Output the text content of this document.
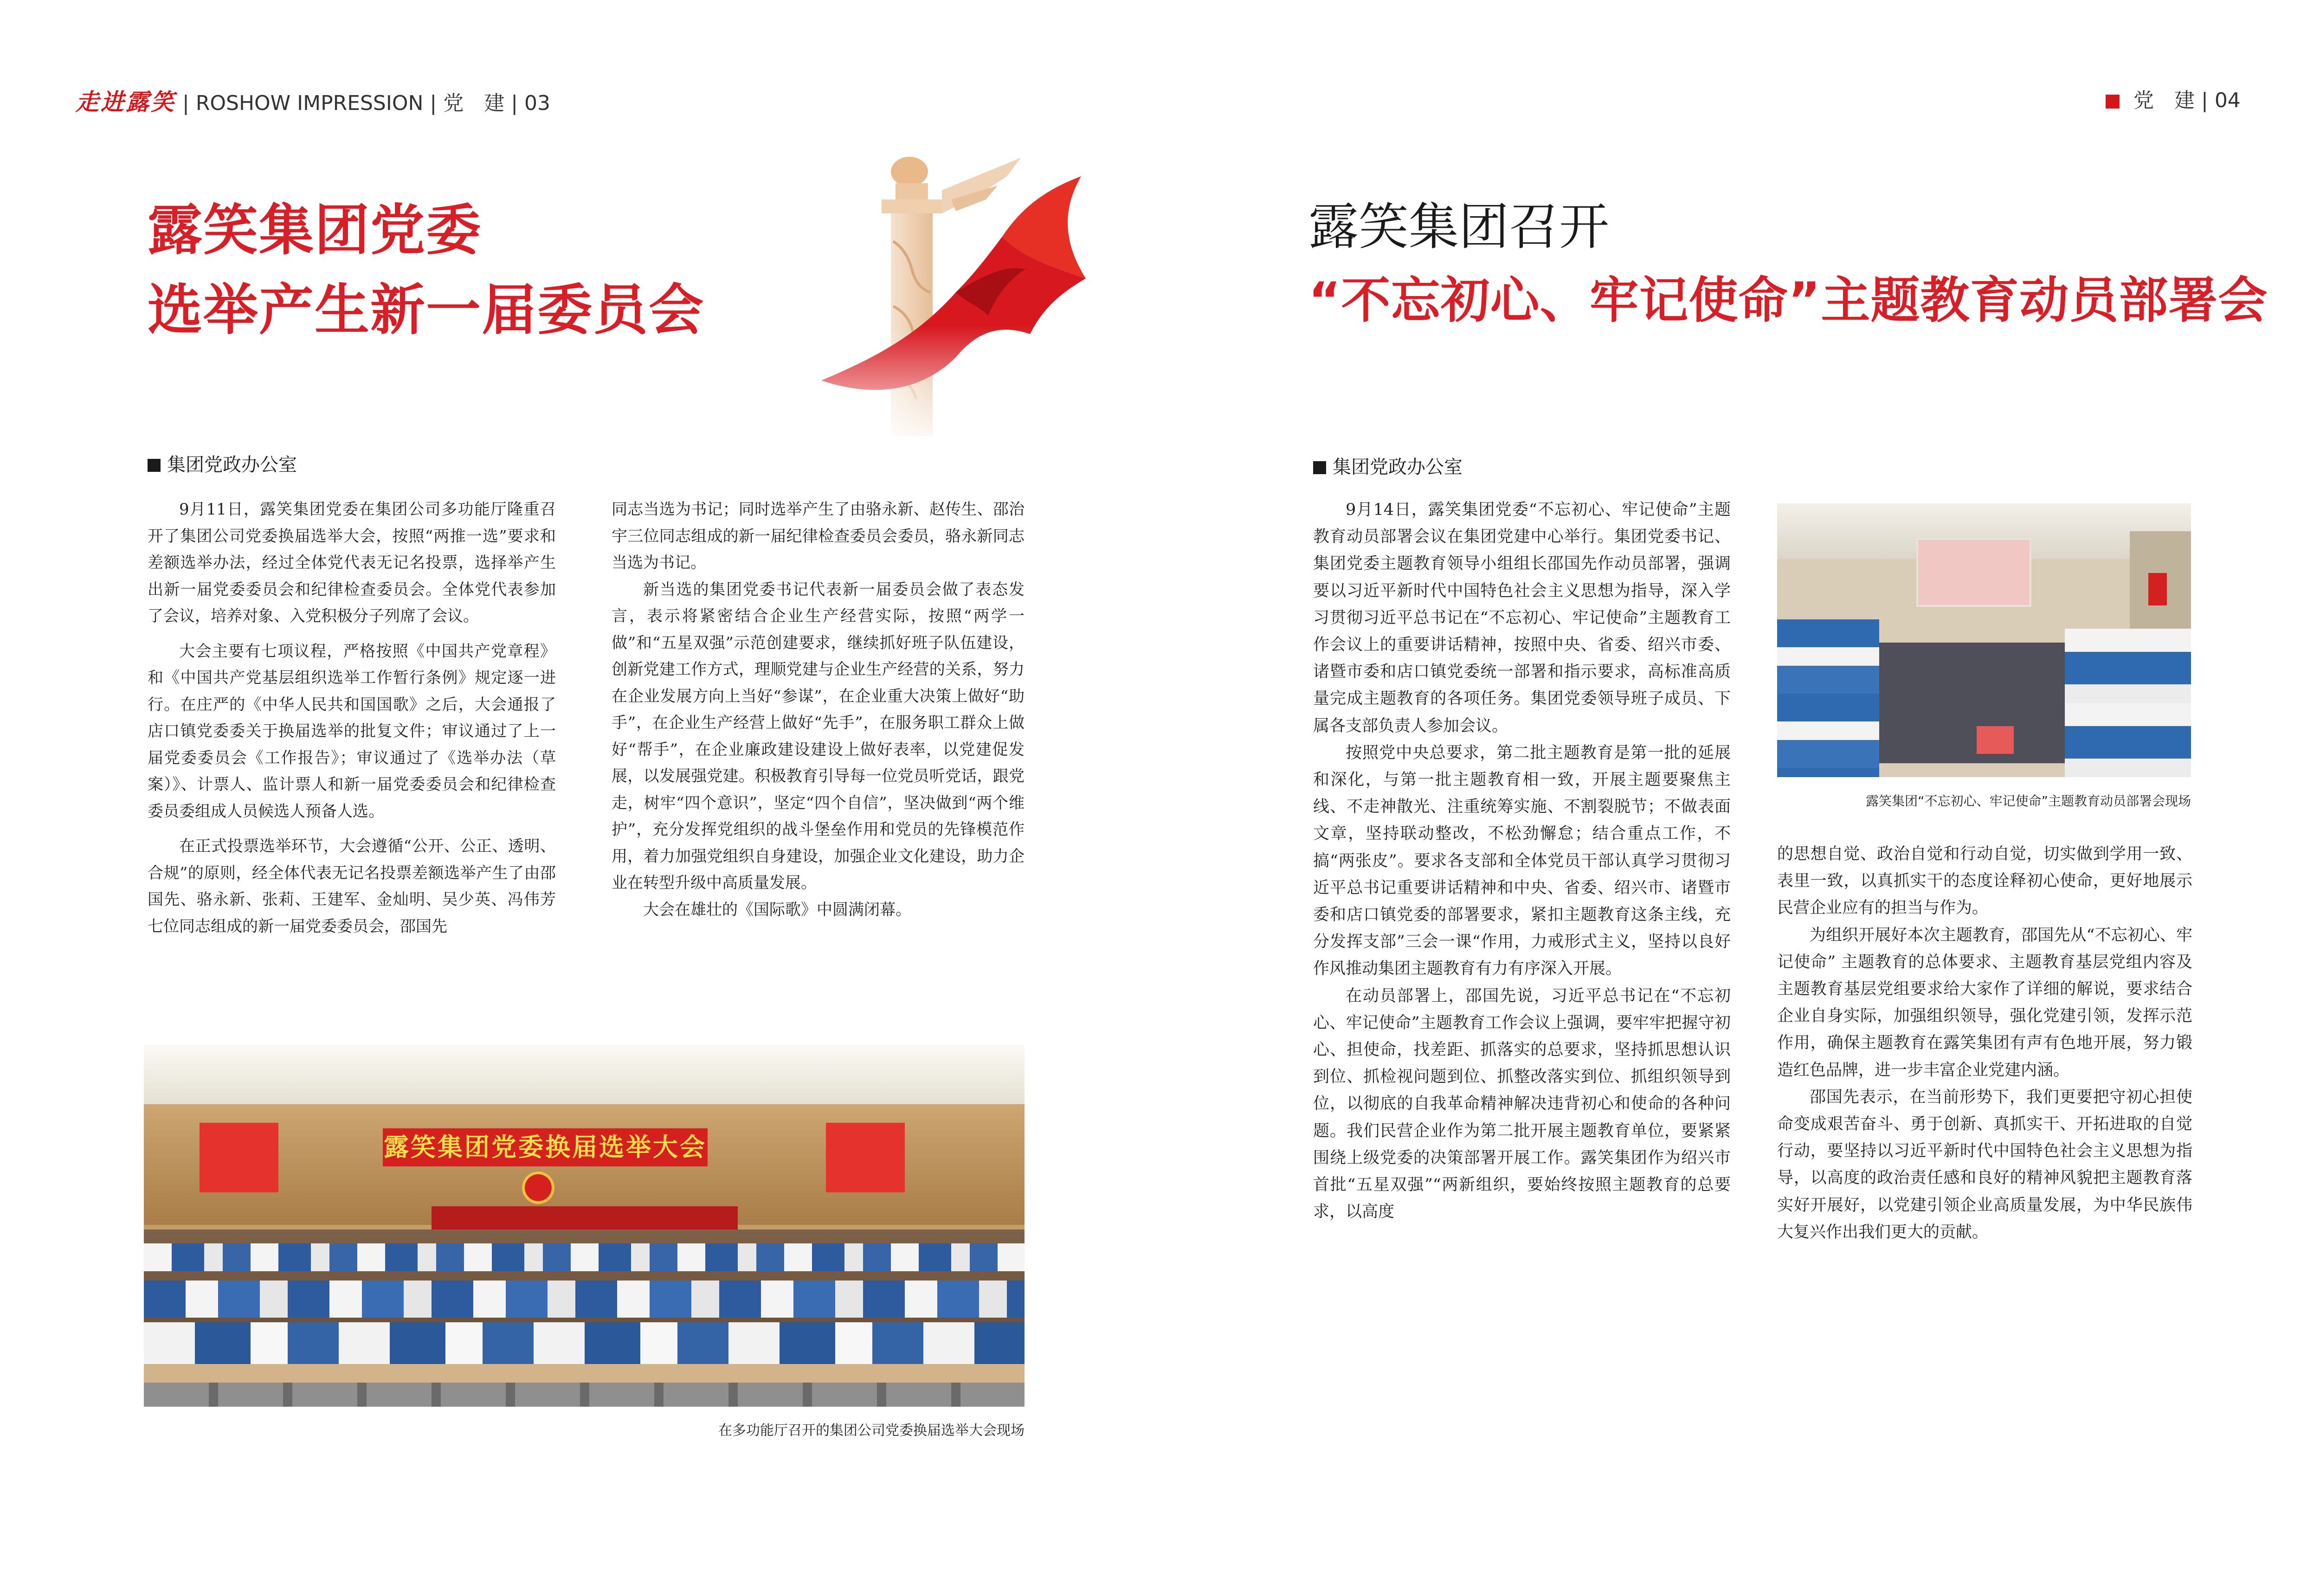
走进露笑 | ROSHOW IMPRESSION | 党　建 | 03
露笑集团党委
选举产生新一届委员会
集团党政办公室

9月11日，露笑集团党委在集团公司多功能厅隆重召开了集团公司党委换届选举大会，按照“两推一选”要求和差额选举办法，经过全体党代表无记名投票，选择举产生出新一届党委委员会和纪律检查委员会。全体党代表参加了会议，培养对象、入党积极分子列席了会议。

大会主要有七项议程，严格按照《中国共产党章程》和《中国共产党基层组织选举工作暂行条例》规定逐一进行。在庄严的《中华人民共和国国歌》之后，大会通报了店口镇党委委关于换届选举的批复文件；审议通过了上一届党委委员会《工作报告》；审议通过了《选举办法（草案）》、计票人、监计票人和新一届党委委员会和纪律检查委员委组成人员候选人预备人选。

在正式投票选举环节，大会遵循“公开、公正、透明、合规”的原则，经全体代表无记名投票差额选举产生了由邵国先、骆永新、张莉、王建军、金灿明、吴少英、冯伟芳七位同志组成的新一届党委委员会，邵国先

同志当选为书记；同时选举产生了由骆永新、赵传生、邵治宇三位同志组成的新一届纪律检查委员会委员，骆永新同志当选为书记。

新当选的集团党委书记代表新一届委员会做了表态发言，表示将紧密结合企业生产经营实际，按照“两学一做”和“五星双强”示范创建要求，继续抓好班子队伍建设，创新党建工作方式，理顺党建与企业生产经营的关系，努力在企业发展方向上当好“参谋”，在企业重大决策上做好“助手”，在企业生产经营上做好“先手”，在服务职工群众上做好“帮手”，在企业廉政建设建设上做好表率，以党建促发展，以发展强党建。积极教育引导每一位党员听党话，跟党走，树牢“四个意识”，坚定“四个自信”，坚决做到“两个维护”，充分发挥党组织的战斗堡垒作用和党员的先锋模范作用，着力加强党组织自身建设，加强企业文化建设，助力企业在转型升级中高质量发展。

大会在雄壮的《国际歌》中圆满闭幕。

露笑集团党委换届选举大会
在多功能厅召开的集团公司党委换届选举大会现场
党　建 | 04
露笑集团召开
“不忘初心、牢记使命”主题教育动员部署会
集团党政办公室

9月14日，露笑集团党委“不忘初心、牢记使命”主题教育动员部署会议在集团党建中心举行。集团党委书记、集团党委主题教育领导小组组长邵国先作动员部署，强调要以习近平新时代中国特色社会主义思想为指导，深入学习贯彻习近平总书记在“不忘初心、牢记使命”主题教育工作会议上的重要讲话精神，按照中央、省委、绍兴市委、诸暨市委和店口镇党委统一部署和指示要求，高标准高质量完成主题教育的各项任务。集团党委领导班子成员、下属各支部负责人参加会议。

按照党中央总要求，第二批主题教育是第一批的延展和深化，与第一批主题教育相一致，开展主题要聚焦主线、不走神散光、注重统筹实施、不割裂脱节；不做表面文章，坚持联动整改，不松劲懈怠；结合重点工作，不搞“两张皮”。要求各支部和全体党员干部认真学习贯彻习近平总书记重要讲话精神和中央、省委、绍兴市、诸暨市委和店口镇党委的部署要求，紧扣主题教育这条主线，充分发挥支部”三会一课“作用，力戒形式主义，坚持以良好作风推动集团主题教育有力有序深入开展。

在动员部署上，邵国先说，习近平总书记在“不忘初心、牢记使命”主题教育工作会议上强调，要牢牢把握守初心、担使命，找差距、抓落实的总要求，坚持抓思想认识到位、抓检视问题到位、抓整改落实到位、抓组织领导到位，以彻底的自我革命精神解决违背初心和使命的各种问题。我们民营企业作为第二批开展主题教育单位，要紧紧围绕上级党委的决策部署开展工作。露笑集团作为绍兴市首批“五星双强”“两新组织，要始终按照主题教育的总要求，以高度

露笑集团“不忘初心、牢记使命”主题教育动员部署会现场

的思想自觉、政治自觉和行动自觉，切实做到学用一致、表里一致，以真抓实干的态度诠释初心使命，更好地展示民营企业应有的担当与作为。

为组织开展好本次主题教育，邵国先从“不忘初心、牢记使命” 主题教育的总体要求、主题教育基层党组内容及主题教育基层党组要求给大家作了详细的解说，要求结合企业自身实际，加强组织领导，强化党建引领，发挥示范作用，确保主题教育在露笑集团有声有色地开展，努力锻造红色品牌，进一步丰富企业党建内涵。

邵国先表示，在当前形势下，我们更要把守初心担使命变成艰苦奋斗、勇于创新、真抓实干、开拓进取的自觉行动，要坚持以习近平新时代中国特色社会主义思想为指导，以高度的政治责任感和良好的精神风貌把主题教育落实好开展好，以党建引领企业高质量发展，为中华民族伟大复兴作出我们更大的贡献。
